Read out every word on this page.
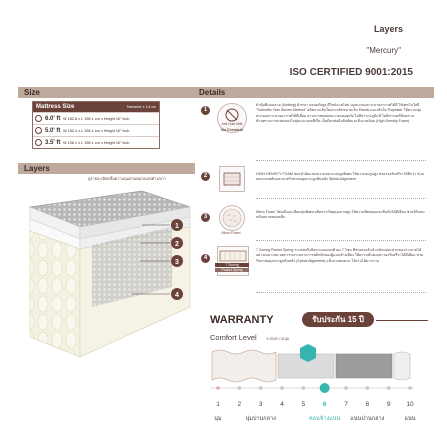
Layers
"Mercury"
ISO CERTIFIED 9001:2015
Size	Details
Layers
Mattress Size	Tolerance ± 1.5 cm
6.0' ft W 182.8 x L 198.1 cm x Height 10" inch
5.0' ft W 152.4 x L 198.1 cm x Height 10" inch
3.5' ft W 106.1 x L 198.1 cm x Height 10" inch
ดูรายละเอียดชั้นความนุ่มตามหมายเลขด้านขวา
1
2
3
4
1
Anti Dust Mite
No Chemical
ผ้าหุ้มที่นอนลาย (Knitting) ผ้าหนา ปลอดภัยสูง ดีไซน์ลายใหม่ นุ่มสบายและระบายอากาศได้ดี ใช้เทคโนโลยี "Scientific Yarn Woven Method" ผลิตจากเส้นใยแกะสลักขนาดเล็ก Elastic และเส้นใย Polyester ให้ความนุ่มสบายและระบายอากาศได้ดีเยี่ยม ผ่านการทดสอบความปลอดภัย ไม่มีสารก่อภูมิแพ้ ไม่มีสารเคมีอันตราย ต้านทานการสะสมของไรฝุ่นและแบคทีเรีย เป็นมิตรต่อผิวสัมผัสและสิ่งแวดล้อม (High Density Foam)
2	HIGH DENSITY FOAM ฟองน้ำอัดแน่นความหนาแน่นสูงพิเศษ ให้ความคงรูปสูง ช่วยรองรับสรีระได้ดีกว่า ช่วยลดแรงกดทับและช่วยรักษาสมดุลกระดูกสันหลัง Spinal Alignment
3
Micro Foam
Micro Foam โฟมเนื้อละเอียดนุ่มพิเศษ ผลิตจากวัสดุคุณภาพสูง ให้ความยืดหยุ่นและคืนตัวได้ดีเยี่ยม ช่วยให้นอนหลับสบายตลอดคืน
4
7 Zoning
Pocket Spring
7 Zoning Pocket Spring ระบบสปริงอิสระแบบแยกตัวถุง 7 โซน ที่ช่วยรองรับน้ำหนักแต่ละส่วนของร่างกายได้อย่างเหมาะสม ลดการรบกวนจากการพลิกตัวของผู้นอนข้างเคียง ให้ความมั่นคงและรองรับสรีระได้ดีเยี่ยม ช่วยรักษาสมดุลกระดูกสันหลัง (Spinal Alignment) แข็งแรงทนทาน ใช้งานได้ยาวนาน
WARRANTY	รับประกัน 15 ปี
Comfort Level ระดับความนุ่ม
1
นุ่ม
2	3
นุ่มปานกลาง
4	5	6
ค่อนข้างแน่น
7	8
แน่นปานกลาง
9 10
แน่น
